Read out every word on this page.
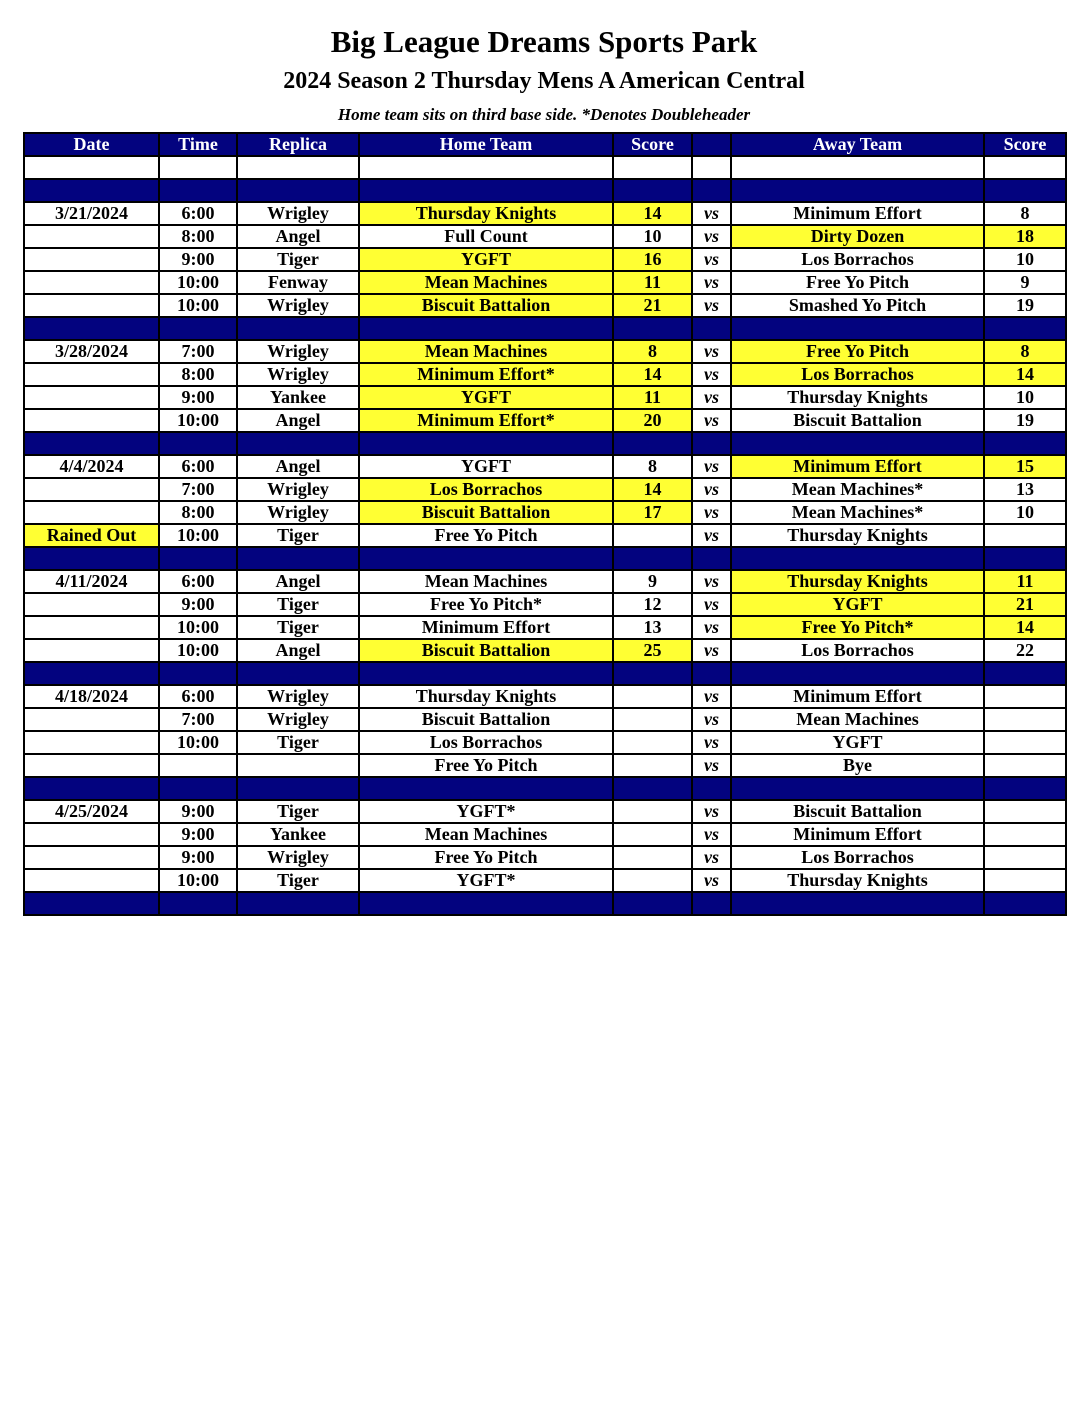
Big League Dreams Sports Park
2024 Season 2 Thursday Mens A American Central
Home team sits on third base side. *Denotes Doubleheader
Date	Time	Replica	Home Team	Score		Away Team	Score

3/21/2024	6:00	Wrigley	Thursday Knights	14	vs	Minimum Effort	8
	8:00	Angel	Full Count	10	vs	Dirty Dozen	18
	9:00	Tiger	YGFT	16	vs	Los Borrachos	10
	10:00	Fenway	Mean Machines	11	vs	Free Yo Pitch	9
	10:00	Wrigley	Biscuit Battalion	21	vs	Smashed Yo Pitch	19

3/28/2024	7:00	Wrigley	Mean Machines	8	vs	Free Yo Pitch	8
	8:00	Wrigley	Minimum Effort*	14	vs	Los Borrachos	14
	9:00	Yankee	YGFT	11	vs	Thursday Knights	10
	10:00	Angel	Minimum Effort*	20	vs	Biscuit Battalion	19

4/4/2024	6:00	Angel	YGFT	8	vs	Minimum Effort	15
	7:00	Wrigley	Los Borrachos	14	vs	Mean Machines*	13
	8:00	Wrigley	Biscuit Battalion	17	vs	Mean Machines*	10
Rained Out	10:00	Tiger	Free Yo Pitch		vs	Thursday Knights	

4/11/2024	6:00	Angel	Mean Machines	9	vs	Thursday Knights	11
	9:00	Tiger	Free Yo Pitch*	12	vs	YGFT	21
	10:00	Tiger	Minimum Effort	13	vs	Free Yo Pitch*	14
	10:00	Angel	Biscuit Battalion	25	vs	Los Borrachos	22

4/18/2024	6:00	Wrigley	Thursday Knights		vs	Minimum Effort	
	7:00	Wrigley	Biscuit Battalion		vs	Mean Machines	
	10:00	Tiger	Los Borrachos		vs	YGFT	
			Free Yo Pitch		vs	Bye	

4/25/2024	9:00	Tiger	YGFT*		vs	Biscuit Battalion	
	9:00	Yankee	Mean Machines		vs	Minimum Effort	
	9:00	Wrigley	Free Yo Pitch		vs	Los Borrachos	
	10:00	Tiger	YGFT*		vs	Thursday Knights	
